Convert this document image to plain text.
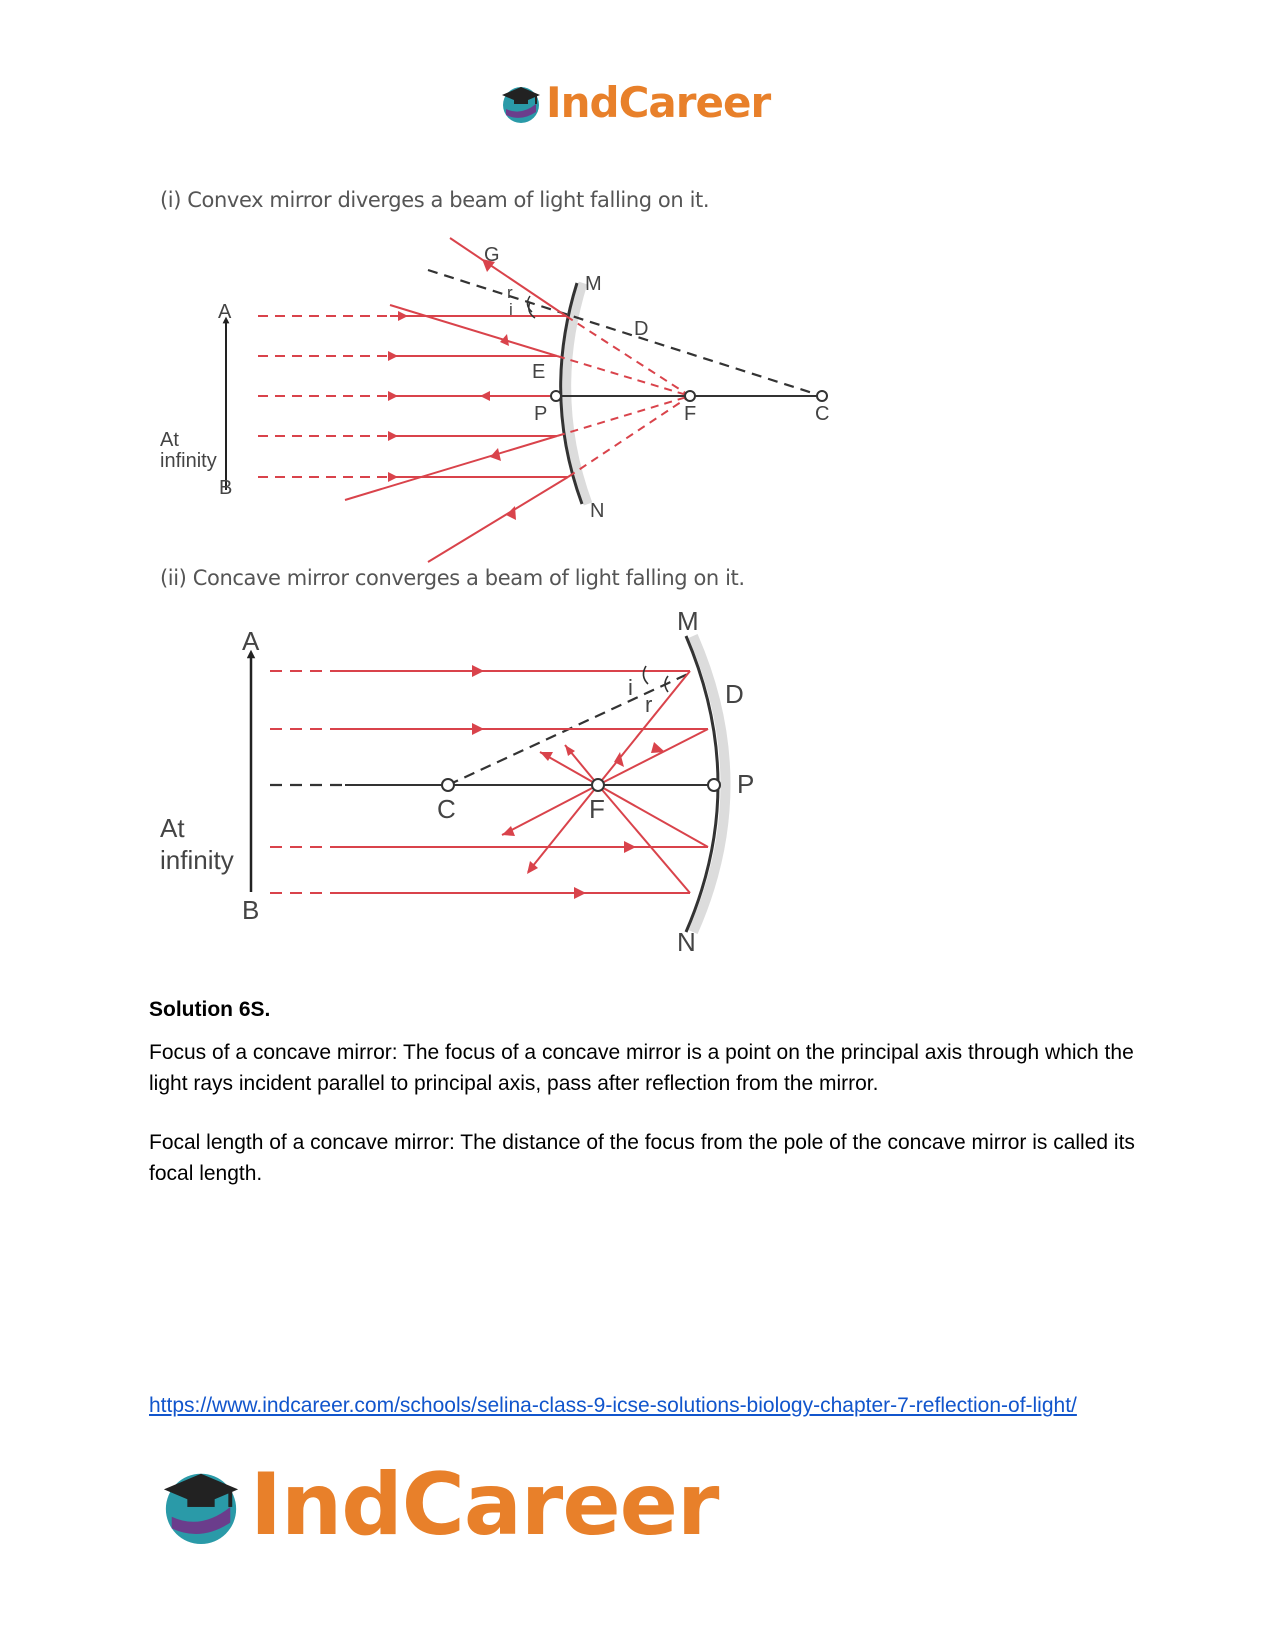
IndCareer
(i) Convex mirror diverges a beam of light falling on it.
(ii) Concave mirror converges a beam of light falling on it.
G
M
A
r
i
D
E
P	F	C
At
infinity
B
N
M
A
i
r	D
P
C	F
At
infinity
B
N
Solution 6S.

Focus of a concave mirror: The focus of a concave mirror is a point on the principal axis through which the light rays incident parallel to principal axis, pass after reflection from the mirror.

Focal length of a concave mirror: The distance of the focus from the pole of the concave mirror is called its focal length.

https://www.indcareer.com/schools/selina-class-9-icse-solutions-biology-chapter-7-reflection-of-light/
IndCareer
